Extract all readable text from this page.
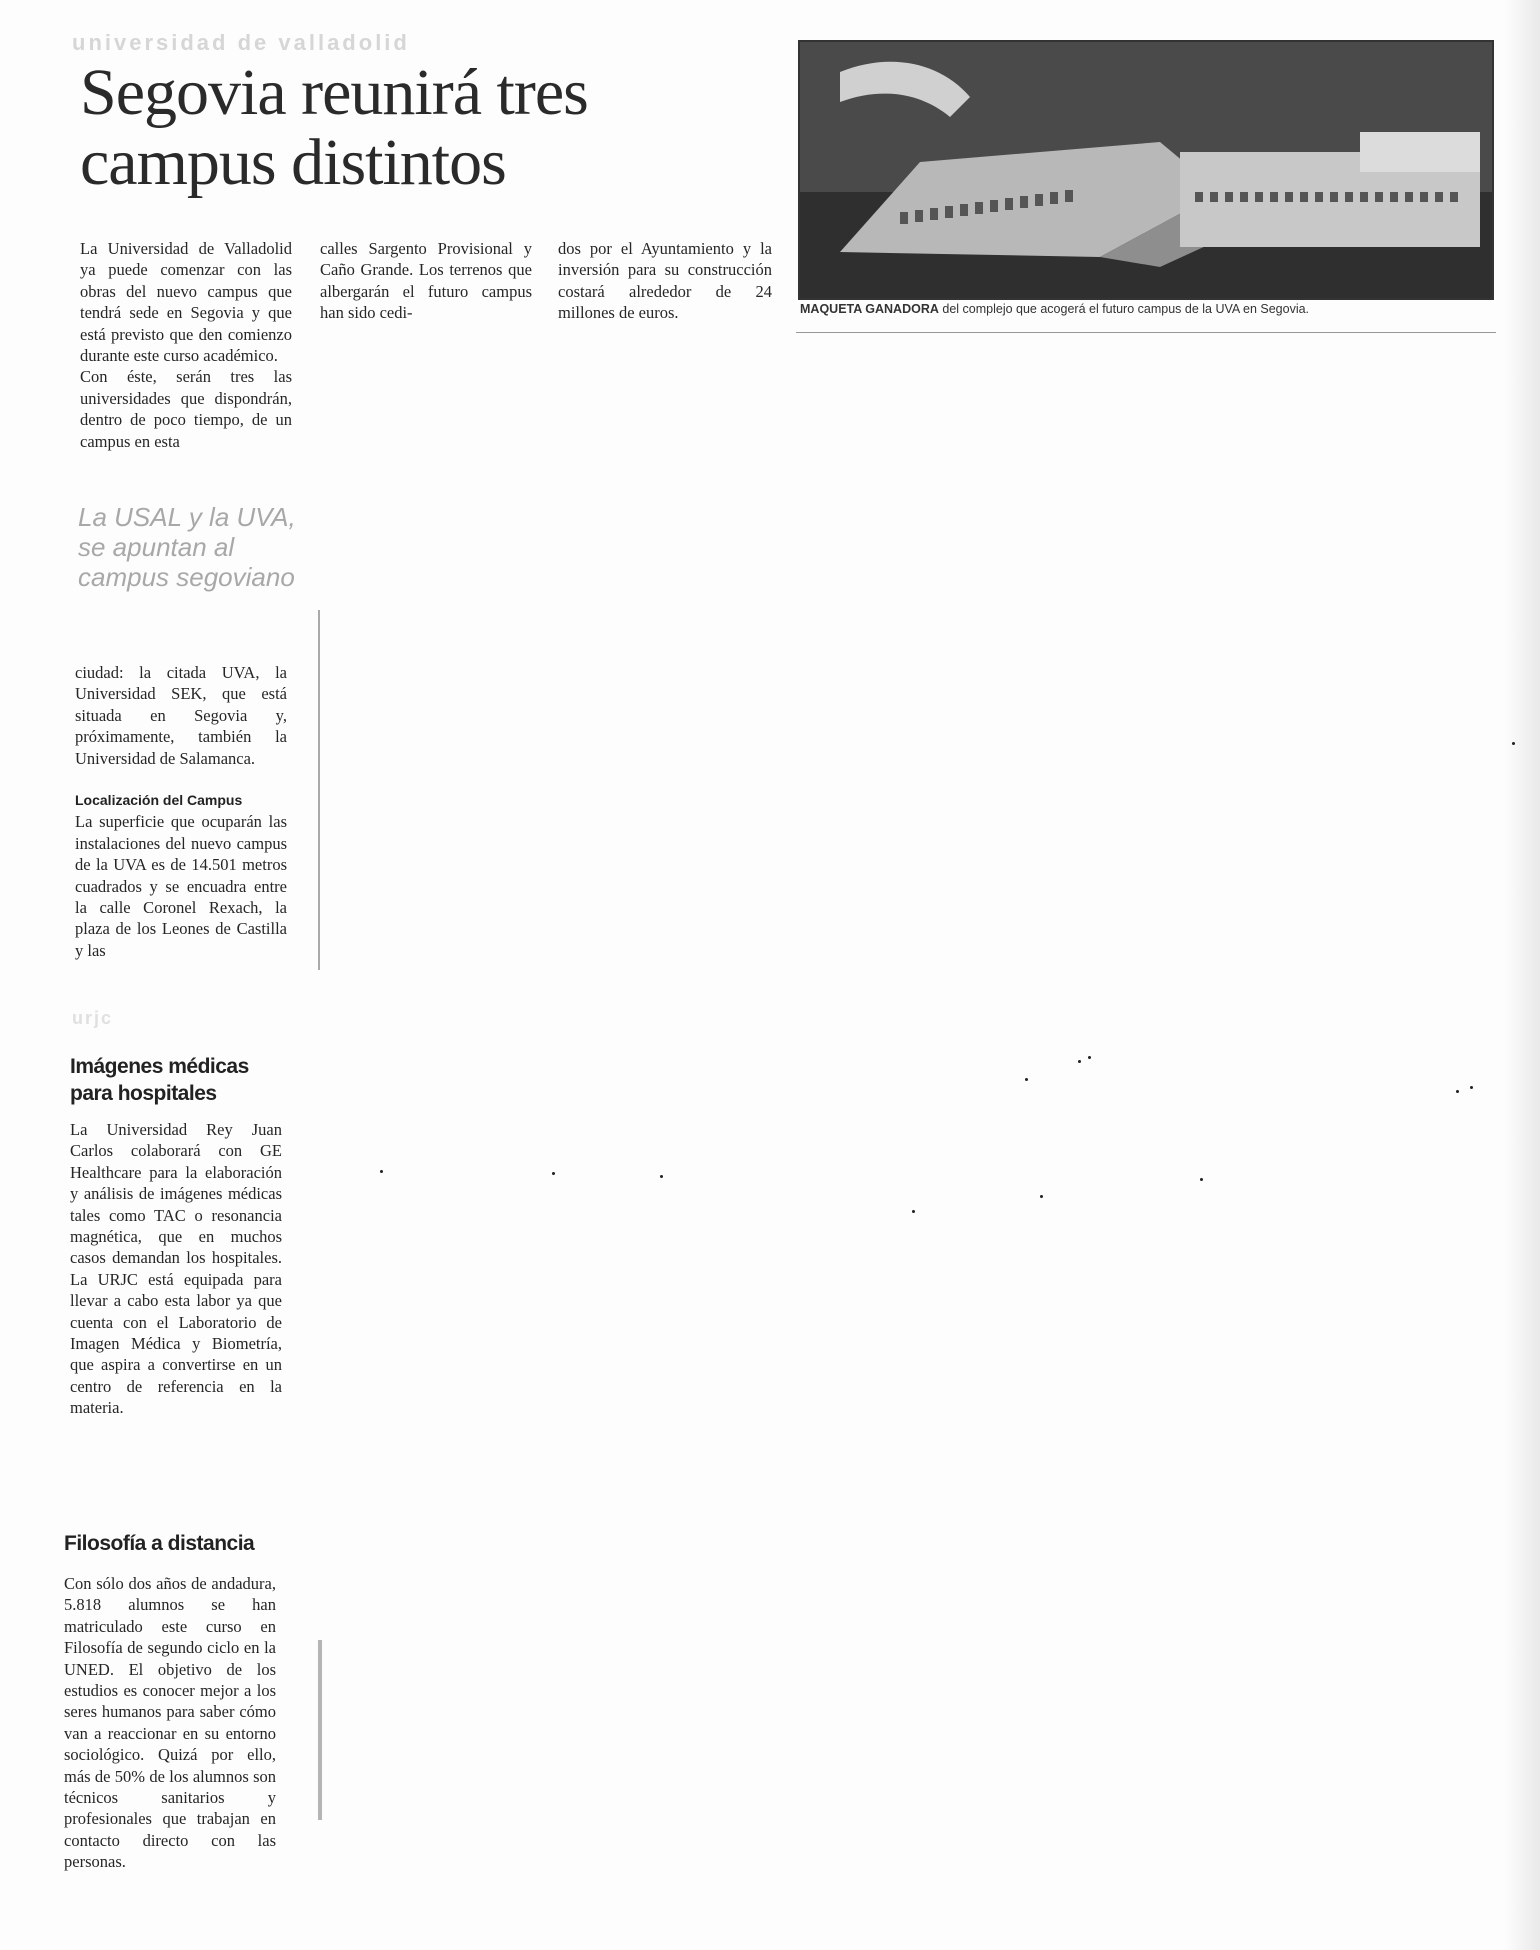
universidad de valladolid
Segovia reunirá tres campus distintos

La Universidad de Valladolid ya puede comenzar con las obras del nuevo campus que tendrá sede en Segovia y que está previsto que den comienzo durante este curso académico.

Con éste, serán tres las universidades que dispondrán, dentro de poco tiempo, de un campus en esta

La USAL y la UVA, se apuntan al campus segoviano

ciudad: la citada UVA, la Universidad SEK, que está situada en Segovia y, próximamente, también la Universidad de Salamanca.

Localización del Campus

La superficie que ocuparán las instalaciones del nuevo campus de la UVA es de 14.501 metros cuadrados y se encuadra entre la calle Coronel Rexach, la plaza de los Leones de Castilla y las

calles Sargento Provisional y Caño Grande. Los terrenos que albergarán el futuro campus han sido cedi-

dos por el Ayuntamiento y la inversión para su construcción costará alrededor de 24 millones de euros.	MAQUETA GANADORA del complejo que acogerá el futuro campus de la UVA en Segovia.
urjc

Imágenes médicas para hospitales

La Universidad Rey Juan Carlos colaborará con GE Healthcare para la elaboración y análisis de imágenes médicas tales como TAC o resonancia magnética, que en muchos casos demandan los hospitales. La URJC está equipada para llevar a cabo esta labor ya que cuenta con el Laboratorio de Imagen Médica y Biometría, que aspira a convertirse en un centro de referencia en la materia.

Filosofía a distancia

Con sólo dos años de andadura, 5.818 alumnos se han matriculado este curso en Filosofía de segundo ciclo en la UNED. El objetivo de los estudios es conocer mejor a los seres humanos para saber cómo van a reaccionar en su entorno sociológico. Quizá por ello, más de 50% de los alumnos son técnicos sanitarios y profesionales que trabajan en contacto directo con las personas.
